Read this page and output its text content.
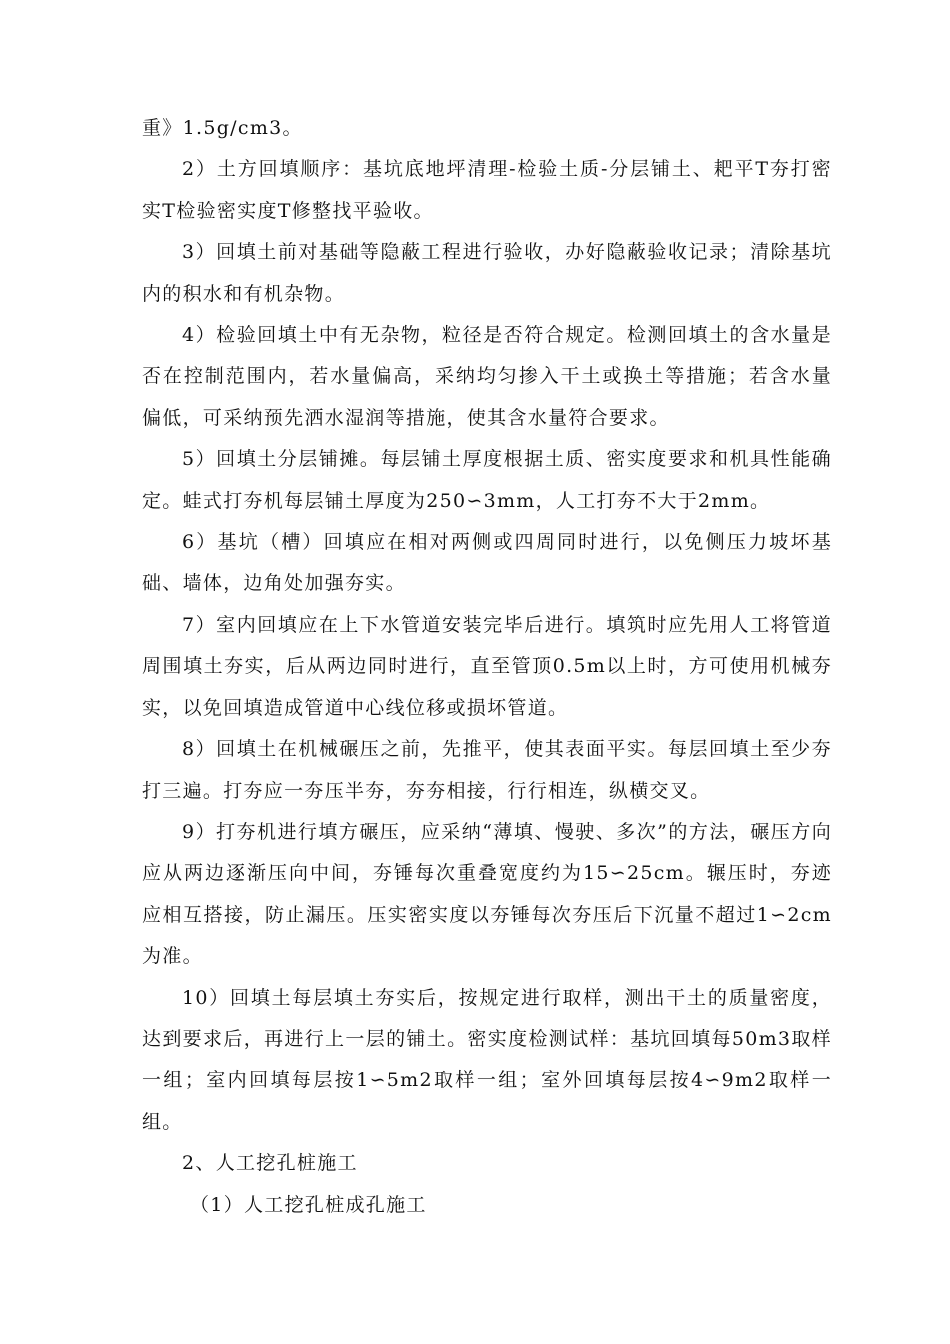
重》1.5g/cm3。

2）土方回填顺序：基坑底地坪清理-检验土质-分层铺土、耙平T夯打密实T检验密实度T修整找平验收。

3）回填土前对基础等隐蔽工程进行验收，办好隐蔽验收记录；清除基坑内的积水和有机杂物。

4）检验回填土中有无杂物，粒径是否符合规定。检测回填土的含水量是否在控制范围内，若水量偏高，采纳均匀掺入干土或换土等措施；若含水量偏低，可采纳预先洒水湿润等措施，使其含水量符合要求。

5）回填土分层铺摊。每层铺土厚度根据土质、密实度要求和机具性能确定。蛙式打夯机每层铺土厚度为250∽3mm，人工打夯不大于2mm。

6）基坑（槽）回填应在相对两侧或四周同时进行，以免侧压力坡坏基础、墙体，边角处加强夯实。

7）室内回填应在上下水管道安装完毕后进行。填筑时应先用人工将管道周围填土夯实，后从两边同时进行，直至管顶0.5m以上时，方可使用机械夯实，以免回填造成管道中心线位移或损坏管道。

8）回填土在机械碾压之前，先推平，使其表面平实。每层回填土至少夯打三遍。打夯应一夯压半夯，夯夯相接，行行相连，纵横交叉。

9）打夯机进行填方碾压，应采纳“薄填、慢驶、多次”的方法，碾压方向应从两边逐渐压向中间，夯锤每次重叠宽度约为15∽25cm。辗压时，夯迹应相互搭接，防止漏压。压实密实度以夯锤每次夯压后下沉量不超过1∽2cm为准。

10）回填土每层填土夯实后，按规定进行取样，测出干土的质量密度，达到要求后，再进行上一层的铺土。密实度检测试样：基坑回填每50m3取样一组；室内回填每层按1∽5m2取样一组；室外回填每层按4∽9m2取样一组。

2、人工挖孔桩施工

（1）人工挖孔桩成孔施工
